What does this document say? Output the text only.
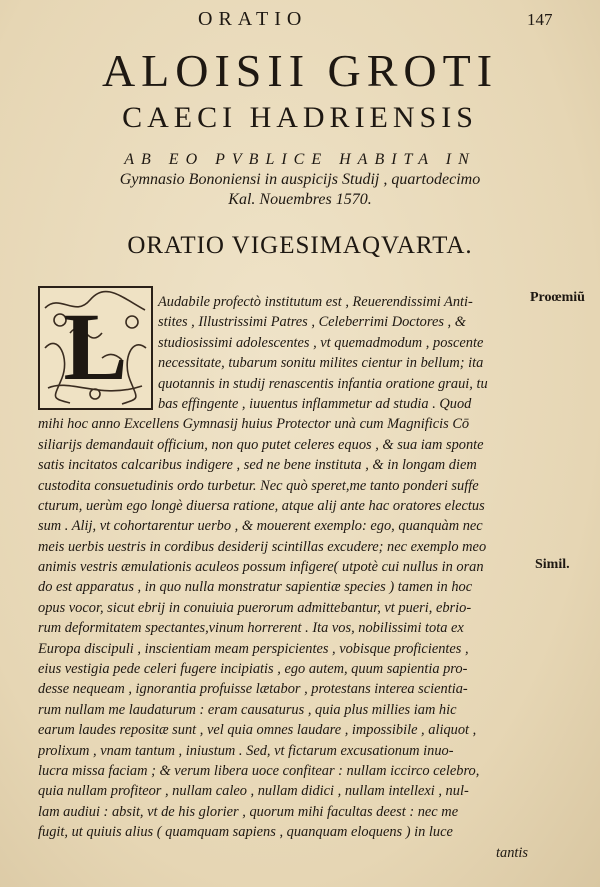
ORATIO	147
ALOISII GROTI
CAECI HADRIENSIS
AB EO PVBLICE HABITA IN
Gymnasio Bononiensi in auspicijs Studij , quartodecimo
Kal. Nouembres 1570.
ORATIO VIGESIMAQVARTA.
L	Audabile profectò institutum est , Reuerendissimi Anti-
stites , Illustrissimi Patres , Celeberrimi Doctores , &
studiosissimi adolescentes , vt quemadmodum , poscente
necessitate, tubarum sonitu milites cientur in bellum; ita
quotannis in studij renascentis infantia oratione graui, tu
bas effingente , iuuentus inflammetur ad studia . Quod
mihi hoc anno Excellens Gymnasij huius Protector unà cum Magnificis Cō
siliarijs demandauit officium, non quo putet celeres equos , & sua iam sponte
satis incitatos calcaribus indigere , sed ne bene instituta , & in longam diem
custodita consuetudinis ordo turbetur. Nec quò speret,me tanto ponderi suffe
cturum, uerùm ego longè diuersa ratione, atque alij ante hac oratores electus
sum . Alij, vt cohortarentur uerbo , & mouerent exemplo: ego, quanquàm nec
meis uerbis uestris in cordibus desiderij scintillas excudere; nec exemplo meo
animis vestris æmulationis aculeos possum infigere( utpotè cui nullus in oran
do est apparatus , in quo nulla monstratur sapientiæ species ) tamen in hoc
opus vocor, sicut ebrij in conuiuia puerorum admittebantur, vt pueri, ebrio-
rum deformitatem spectantes,vinum horrerent . Ita vos, nobilissimi tota ex
Europa discipuli , inscientiam meam perspicientes , vobisque proficientes ,
eius vestigia pede celeri fugere incipiatis , ego autem, quum sapientia pro-
desse nequeam , ignorantia profuisse lætabor , protestans interea scientia-
rum nullam me laudaturum : eram causaturus , quia plus millies iam hic
earum laudes repositæ sunt , vel quia omnes laudare , impossibile , aliquot ,
prolixum , vnam tantum , iniustum . Sed, vt fictarum excusationum inuo-
lucra missa faciam ; & verum libera uoce confitear : nullam iccirco celebro,
quia nullam profiteor , nullam caleo , nullam didici , nullam intellexi , nul-
lam audiui : absit, vt de his glorier , quorum mihi facultas deest : nec me
fugit, ut quiuis alius ( quamquam sapiens , quanquam eloquens ) in luce
tantis
Proœmiũ
Simil.
